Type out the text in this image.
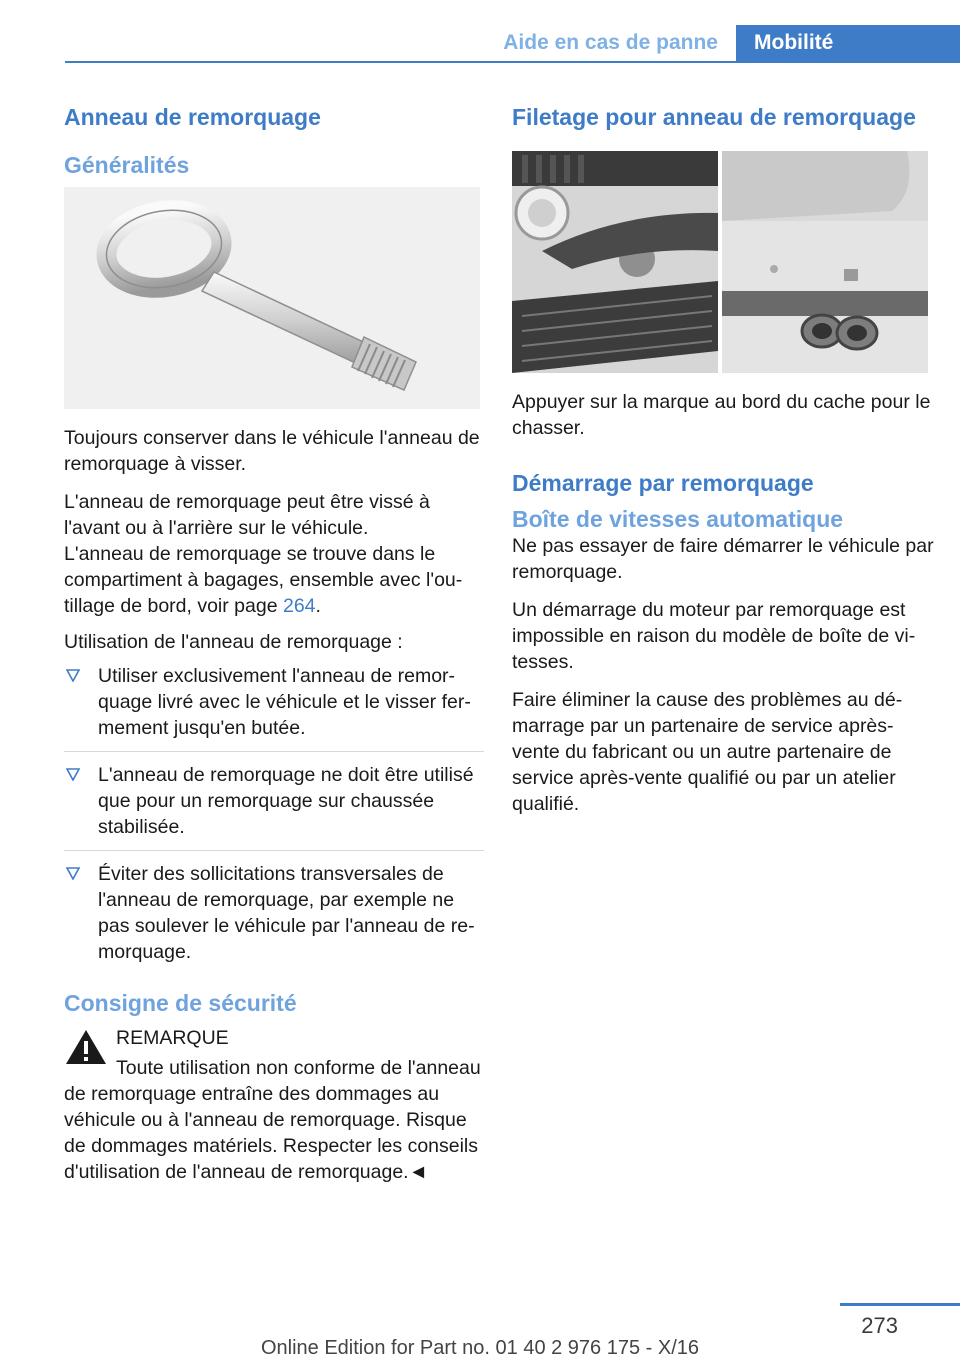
Aide en cas de panne	Mobilité
Anneau de remorquage
Généralités

Toujours conserver dans le véhicule l'anneau de remorquage à visser.

L'anneau de remorquage peut être vissé à l'avant ou à l'arrière sur le véhicule.

L'anneau de remorquage se trouve dans le compartiment à bagages, ensemble avec l'outillage de bord, voir page 264.

Utilisation de l'anneau de remorquage :

Utiliser exclusivement l'anneau de remorquage livré avec le véhicule et le visser fermement jusqu'en butée.
L'anneau de remorquage ne doit être utilisé que pour un remorquage sur chaussée stabilisée.
Éviter des sollicitations transversales de l'anneau de remorquage, par exemple ne pas soulever le véhicule par l'anneau de remorquage.
Consigne de sécurité

REMARQUE

Toute utilisation non conforme de l'anneau de remorquage entraîne des dommages au véhicule ou à l'anneau de remorquage. Risque de dommages matériels. Respecter les conseils d'utilisation de l'anneau de remorquage.◄

Filetage pour anneau de remorquage

Appuyer sur la marque au bord du cache pour le chasser.

Démarrage par remorquage
Boîte de vitesses automatique

Ne pas essayer de faire démarrer le véhicule par remorquage.

Un démarrage du moteur par remorquage est impossible en raison du modèle de boîte de vitesses.

Faire éliminer la cause des problèmes au démarrage par un partenaire de service après-vente du fabricant ou un autre partenaire de service après-vente qualifié ou par un atelier qualifié.

273
Online Edition for Part no. 01 40 2 976 175 - X/16
